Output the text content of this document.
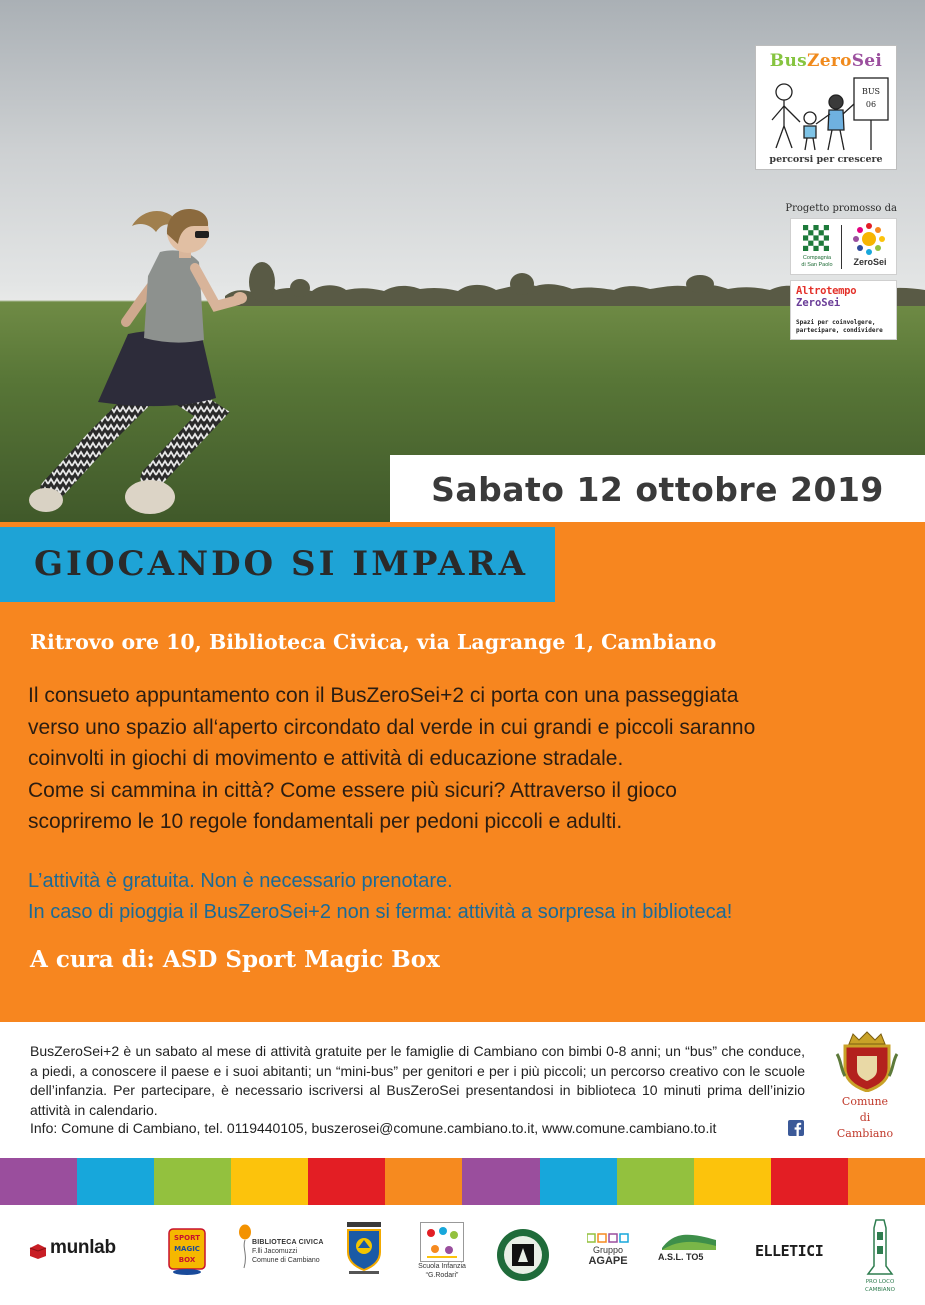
BusZeroSei
BUS
06
percorsi per crescere
Progetto promosso da
Compagnia
di San Paolo	ZeroSei
Altrotempo
ZeroSei
Spazi per coinvolgere,
partecipare, condividere
Sabato 12 ottobre 2019
GIOCANDO SI IMPARA
Ritrovo ore 10, Biblioteca Civica, via Lagrange 1, Cambiano
Il consueto appuntamento con il BusZeroSei+2 ci porta con una passeggiata
verso uno spazio all‘aperto circondato dal verde in cui grandi e piccoli saranno
coinvolti in giochi di movimento e attività di educazione stradale.
Come si cammina in città? Come essere più sicuri? Attraverso il gioco
scopriremo le 10 regole fondamentali per pedoni piccoli e adulti.
L’attività è gratuita. Non è necessario prenotare.
In caso di pioggia il BusZeroSei+2 non si ferma: attività a sorpresa in biblioteca!
A cura di: ASD Sport Magic Box
BusZeroSei+2 è un sabato al mese di attività gratuite per le famiglie di Cambiano con bimbi 0-8 anni; un “bus” che conduce, a piedi, a conoscere il paese e i suoi abitanti; un “mini-bus” per genitori e per i più piccoli; un percorso creativo con le scuole dell’infanzia. Per partecipare, è necessario iscriversi al BusZeroSei presentandosi in biblioteca 10 minuti prima dell’inizio attività in calendario.
Info: Comune di Cambiano, tel. 0119440105, buszerosei@comune.cambiano.to.it, www.comune.cambiano.to.it
Comune
di
Cambiano
munlab	SPORT
MAGIC
BOX
BIBLIOTECA CIVICA
F.lli Jacomuzzi
Comune di Cambiano
Scuola Infanzia
“G.Rodari”
Gruppo
AGAPE	A.S.L. TO5	ELLETICI
PRO LOCO
CAMBIANO
